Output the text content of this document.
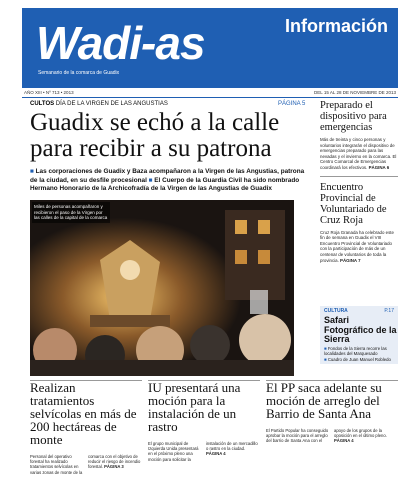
Wadi-as	Información
Semanario de la comarca de Guadix
AÑO XIII • Nº 713 • 2013	DEL 15 AL 28 DE NOVIEMBRE DE 2013
CULTOS DÍA DE LA VIRGEN DE LAS ANGUSTIAS	PÁGINA 5
Guadix se echó a la calle para recibir a su patrona
■ Las corporaciones de Guadix y Baza acompañaron a la Virgen de las Angustias, patrona de la ciudad, en su desfile procesional ■ El Cuerpo de la Guardia Civil ha sido nombrado Hermano Honorario de la Archicofradía de la Virgen de las Angustias de Guadix
Miles de personas acompañaron y recibieron el paso de la Virgen por las calles de la capital de la comarca
Preparado el dispositivo para emergencias
Más de treinta y cinco personas y voluntarios integrarán el dispositivo de emergencias preparado para las nevadas y el invierno en la comarca. El Centro Comarcal de Emergencias coordinará los efectivos. PÁGINA 6
Encuentro Provincial de Voluntariado de Cruz Roja
Cruz Roja Granada ha celebrado este fin de semana en Guadix el VIII Encuentro Provincial de Voluntariado con la participación de más de un centenar de voluntarios de toda la provincia. PÁGINA 7
CULTURA	P.17
Safari Fotográfico de la Sierra
■ Fondos de la Sierra recorre las localidades del Marquesado
■ Cuadro de Juan Manuel Robledo
Realizan tratamientos selvícolas en más de 200 hectáreas de monte
Personal del operativo forestal ha realizado tratamientos selvícolas en varias zonas de monte de la comarca con el objetivo de reducir el riesgo de incendio forestal. PÁGINA 3
IU presentará una moción para la instalación de un rastro
El grupo municipal de Izquierda Unida presentará en el próximo pleno una moción para solicitar la instalación de un mercadillo o rastro en la ciudad. PÁGINA 4
El PP saca adelante su moción de arreglo del Barrio de Santa Ana
El Partido Popular ha conseguido aprobar la moción para el arreglo del barrio de Santa Ana con el apoyo de los grupos de la oposición en el último pleno. PÁGINA 4
